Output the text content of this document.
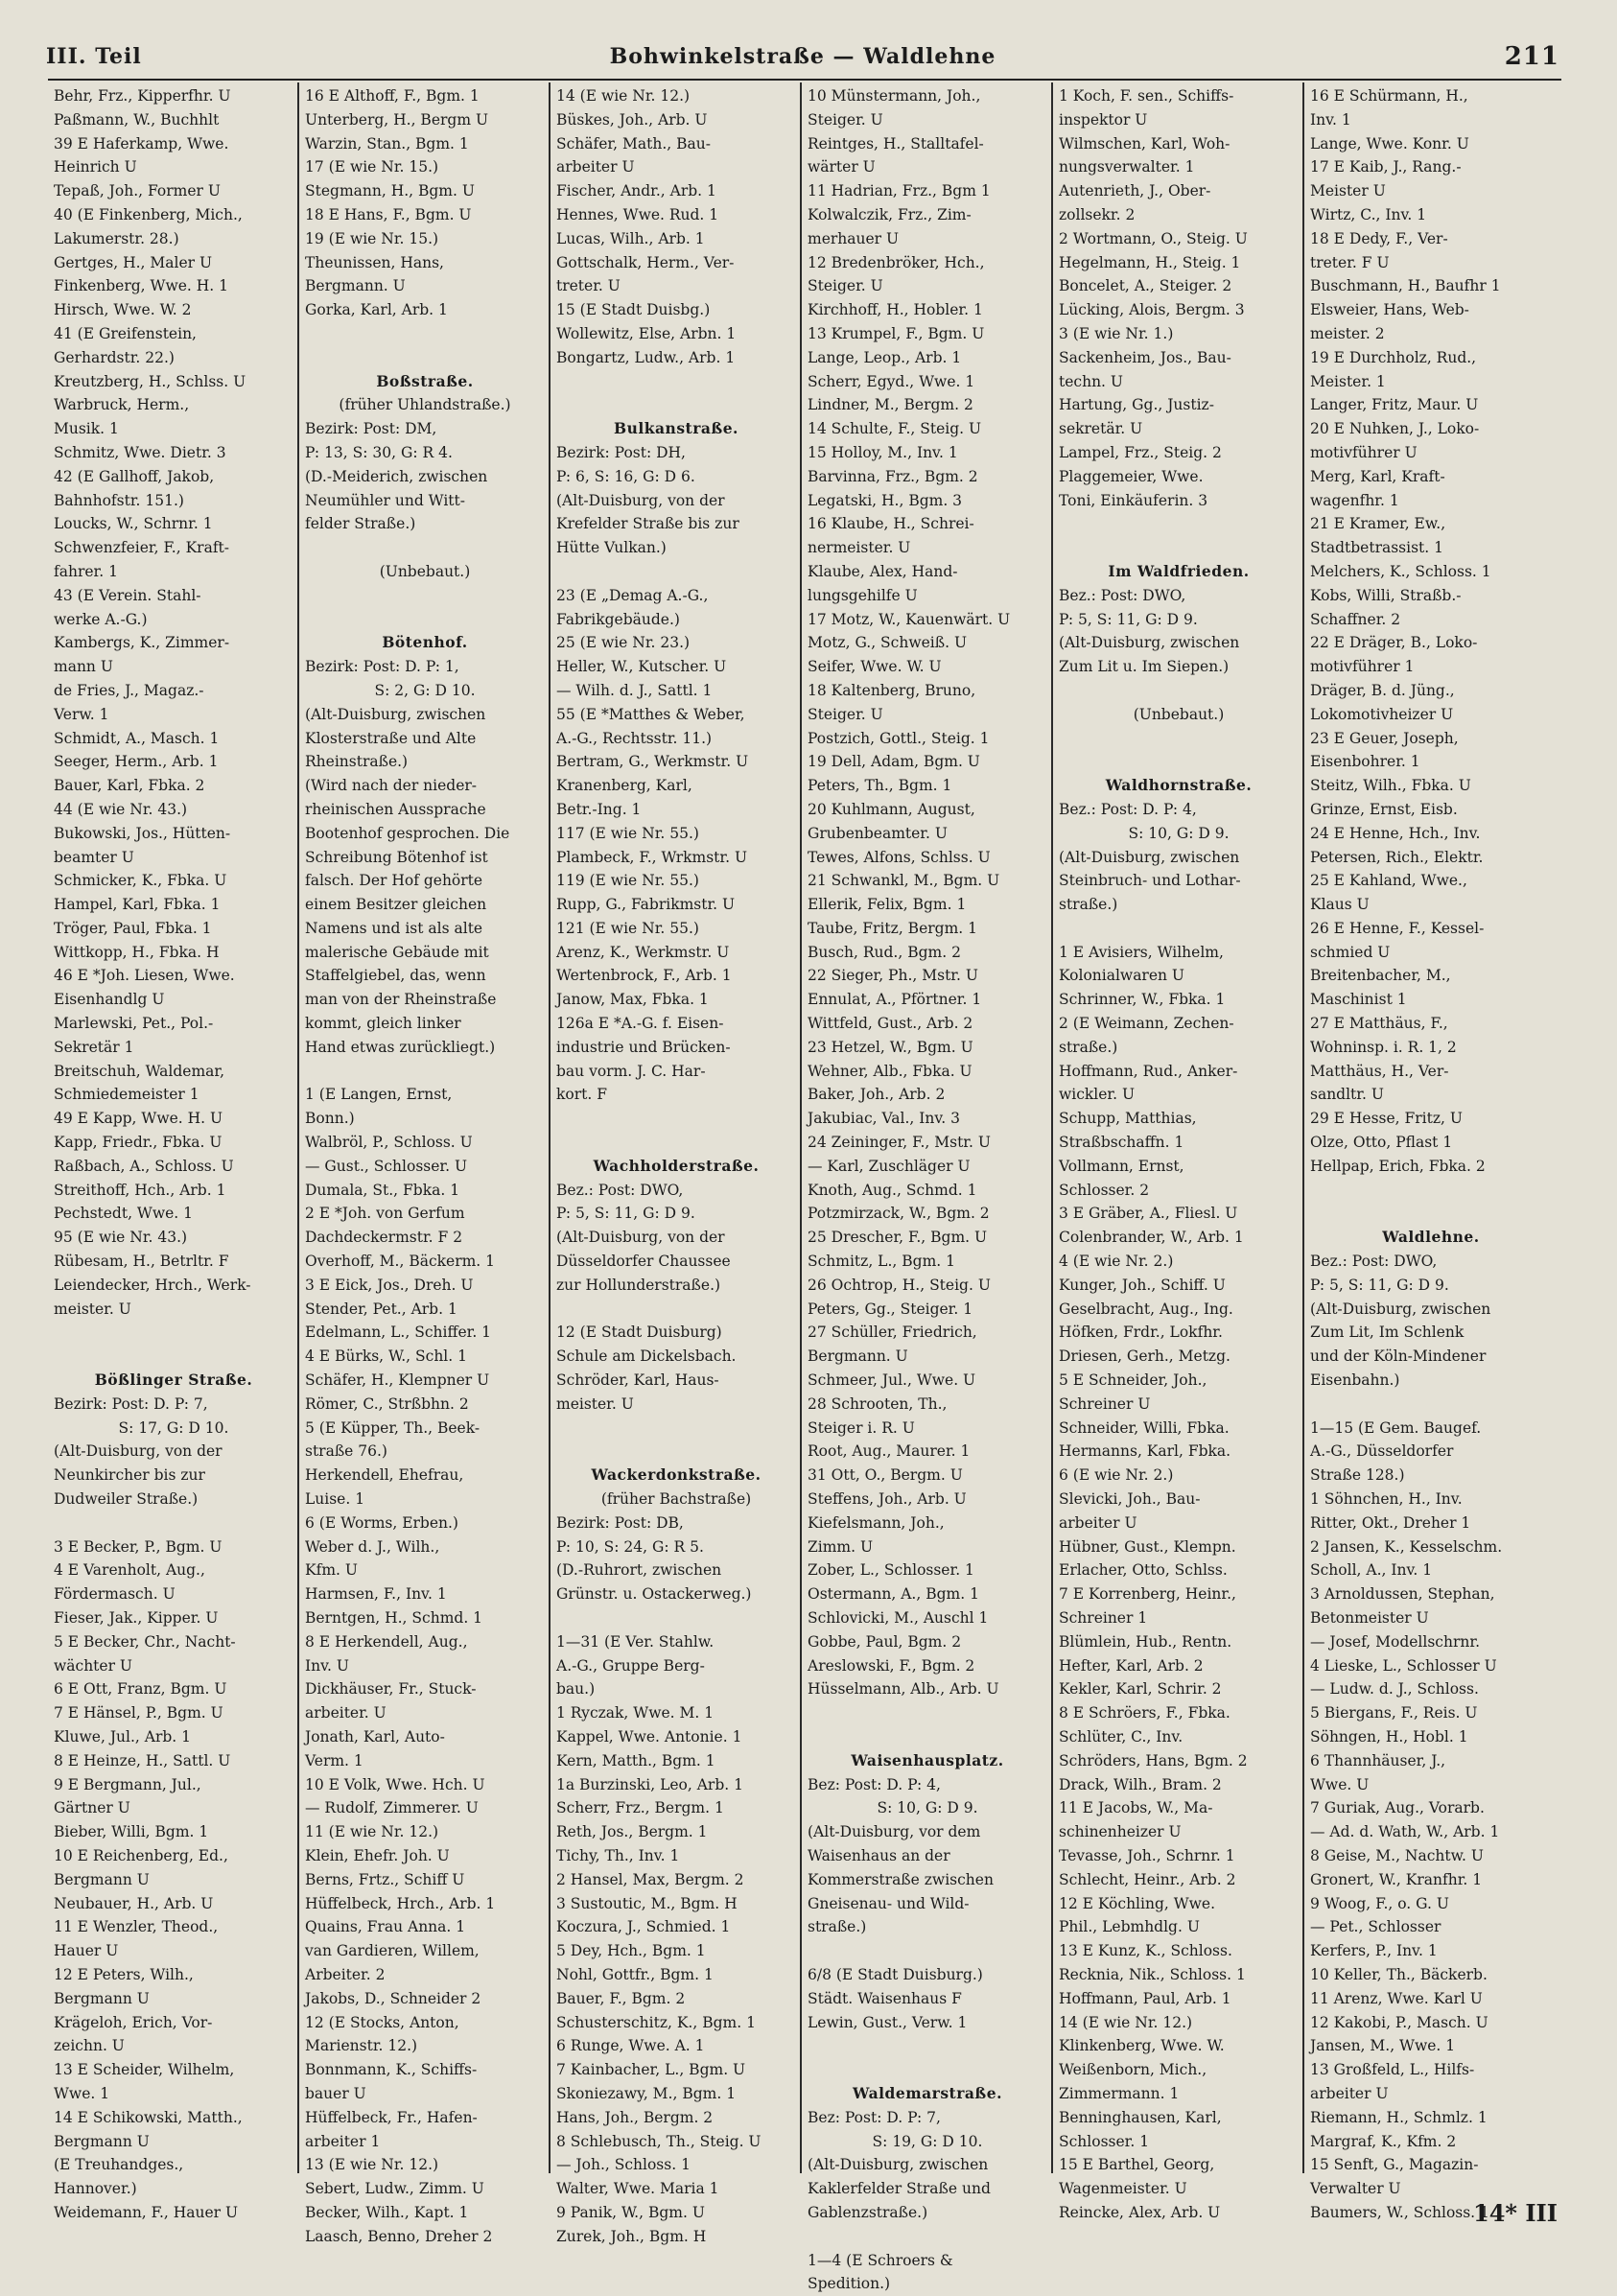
III. Teil	Bohwinkelstraße — Waldlehne	211
Behr, Frz., Kipperfhr. U
Paßmann, W., Buchhlt
39 E Haferkamp, Wwe.
Heinrich U
Tepaß, Joh., Former U
40 (E Finkenberg, Mich.,
Lakumerstr. 28.)
Gertges, H., Maler U
Finkenberg, Wwe. H. 1
Hirsch, Wwe. W. 2
41 (E Greifenstein,
Gerhardstr. 22.)
Kreutzberg, H., Schlss. U
Warbruck, Herm.,
Musik. 1
Schmitz, Wwe. Dietr. 3
42 (E Gallhoff, Jakob,
Bahnhofstr. 151.)
Loucks, W., Schrnr. 1
Schwenzfeier, F., Kraft-
fahrer. 1
43 (E Verein. Stahl-
werke A.-G.)
Kambergs, K., Zimmer-
mann U
de Fries, J., Magaz.-
Verw. 1
Schmidt, A., Masch. 1
Seeger, Herm., Arb. 1
Bauer, Karl, Fbka. 2
44 (E wie Nr. 43.)
Bukowski, Jos., Hütten-
beamter U
Schmicker, K., Fbka. U
Hampel, Karl, Fbka. 1
Tröger, Paul, Fbka. 1
Wittkopp, H., Fbka. H
46 E *Joh. Liesen, Wwe.
Eisenhandlg U
Marlewski, Pet., Pol.-
Sekretär 1
Breitschuh, Waldemar,
Schmiedemeister 1
49 E Kapp, Wwe. H. U
Kapp, Friedr., Fbka. U
Raßbach, A., Schloss. U
Streithoff, Hch., Arb. 1
Pechstedt, Wwe. 1
95 (E wie Nr. 43.)
Rübesam, H., Betrltr. F
Leiendecker, Hrch., Werk-
meister. U
Bößlinger Straße.
Bezirk: Post: D. P: 7,
S: 17, G: D 10.
(Alt-Duisburg, von der
Neunkircher bis zur
Dudweiler Straße.)
3 E Becker, P., Bgm. U
4 E Varenholt, Aug.,
Fördermasch. U
Fieser, Jak., Kipper. U
5 E Becker, Chr., Nacht-
wächter U
6 E Ott, Franz, Bgm. U
7 E Hänsel, P., Bgm. U
Kluwe, Jul., Arb. 1
8 E Heinze, H., Sattl. U
9 E Bergmann, Jul.,
Gärtner U
Bieber, Willi, Bgm. 1
10 E Reichenberg, Ed.,
Bergmann U
Neubauer, H., Arb. U
11 E Wenzler, Theod.,
Hauer U
12 E Peters, Wilh.,
Bergmann U
Krägeloh, Erich, Vor-
zeichn. U
13 E Scheider, Wilhelm,
Wwe. 1
14 E Schikowski, Matth.,
Bergmann U
(E Treuhandges.,
Hannover.)
Weidemann, F., Hauer U
16 E Althoff, F., Bgm. 1
Unterberg, H., Bergm U
Warzin, Stan., Bgm. 1
17 (E wie Nr. 15.)
Stegmann, H., Bgm. U
18 E Hans, F., Bgm. U
19 (E wie Nr. 15.)
Theunissen, Hans,
Bergmann. U
Gorka, Karl, Arb. 1
Boßstraße.
(früher Uhlandstraße.)
Bezirk: Post: DM,
P: 13, S: 30, G: R 4.
(D.-Meiderich, zwischen
Neumühler und Witt-
felder Straße.)
(Unbebaut.)
Bötenhof.
Bezirk: Post: D. P: 1,
S: 2, G: D 10.
(Alt-Duisburg, zwischen
Klosterstraße und Alte
Rheinstraße.)
(Wird nach der nieder-
rheinischen Aussprache
Bootenhof gesprochen. Die
Schreibung Bötenhof ist
falsch. Der Hof gehörte
einem Besitzer gleichen
Namens und ist als alte
malerische Gebäude mit
Staffelgiebel, das, wenn
man von der Rheinstraße
kommt, gleich linker
Hand etwas zurückliegt.)
1 (E Langen, Ernst,
Bonn.)
Walbröl, P., Schloss. U
— Gust., Schlosser. U
Dumala, St., Fbka. 1
2 E *Joh. von Gerfum
Dachdeckermstr. F 2
Overhoff, M., Bäckerm. 1
3 E Eick, Jos., Dreh. U
Stender, Pet., Arb. 1
Edelmann, L., Schiffer. 1
4 E Bürks, W., Schl. 1
Schäfer, H., Klempner U
Römer, C., Strßbhn. 2
5 (E Küpper, Th., Beek-
straße 76.)
Herkendell, Ehefrau,
Luise. 1
6 (E Worms, Erben.)
Weber d. J., Wilh.,
Kfm. U
Harmsen, F., Inv. 1
Berntgen, H., Schmd. 1
8 E Herkendell, Aug.,
Inv. U
Dickhäuser, Fr., Stuck-
arbeiter. U
Jonath, Karl, Auto-
Verm. 1
10 E Volk, Wwe. Hch. U
— Rudolf, Zimmerer. U
11 (E wie Nr. 12.)
Klein, Ehefr. Joh. U
Berns, Frtz., Schiff U
Hüffelbeck, Hrch., Arb. 1
Quains, Frau Anna. 1
van Gardieren, Willem,
Arbeiter. 2
Jakobs, D., Schneider 2
12 (E Stocks, Anton,
Marienstr. 12.)
Bonnmann, K., Schiffs-
bauer U
Hüffelbeck, Fr., Hafen-
arbeiter 1
13 (E wie Nr. 12.)
Sebert, Ludw., Zimm. U
Becker, Wilh., Kapt. 1
Laasch, Benno, Dreher 2
14 (E wie Nr. 12.)
Büskes, Joh., Arb. U
Schäfer, Math., Bau-
arbeiter U
Fischer, Andr., Arb. 1
Hennes, Wwe. Rud. 1
Lucas, Wilh., Arb. 1
Gottschalk, Herm., Ver-
treter. U
15 (E Stadt Duisbg.)
Wollewitz, Else, Arbn. 1
Bongartz, Ludw., Arb. 1
Bulkanstraße.
Bezirk: Post: DH,
P: 6, S: 16, G: D 6.
(Alt-Duisburg, von der
Krefelder Straße bis zur
Hütte Vulkan.)
23 (E „Demag A.-G.,
Fabrikgebäude.)
25 (E wie Nr. 23.)
Heller, W., Kutscher. U
— Wilh. d. J., Sattl. 1
55 (E *Matthes & Weber,
A.-G., Rechtsstr. 11.)
Bertram, G., Werkmstr. U
Kranenberg, Karl,
Betr.-Ing. 1
117 (E wie Nr. 55.)
Plambeck, F., Wrkmstr. U
119 (E wie Nr. 55.)
Rupp, G., Fabrikmstr. U
121 (E wie Nr. 55.)
Arenz, K., Werkmstr. U
Wertenbrock, F., Arb. 1
Janow, Max, Fbka. 1
126a E *A.-G. f. Eisen-
industrie und Brücken-
bau vorm. J. C. Har-
kort. F
Wachholderstraße.
Bez.: Post: DWO,
P: 5, S: 11, G: D 9.
(Alt-Duisburg, von der
Düsseldorfer Chaussee
zur Hollunderstraße.)
12 (E Stadt Duisburg)
Schule am Dickelsbach.
Schröder, Karl, Haus-
meister. U
Wackerdonkstraße.
(früher Bachstraße)
Bezirk: Post: DB,
P: 10, S: 24, G: R 5.
(D.-Ruhrort, zwischen
Grünstr. u. Ostackerweg.)
1—31 (E Ver. Stahlw.
A.-G., Gruppe Berg-
bau.)
1 Ryczak, Wwe. M. 1
Kappel, Wwe. Antonie. 1
Kern, Matth., Bgm. 1
1a Burzinski, Leo, Arb. 1
Scherr, Frz., Bergm. 1
Reth, Jos., Bergm. 1
Tichy, Th., Inv. 1
2 Hansel, Max, Bergm. 2
3 Sustoutic, M., Bgm. H
Koczura, J., Schmied. 1
5 Dey, Hch., Bgm. 1
Nohl, Gottfr., Bgm. 1
Bauer, F., Bgm. 2
Schusterschitz, K., Bgm. 1
6 Runge, Wwe. A. 1
7 Kainbacher, L., Bgm. U
Skoniezawy, M., Bgm. 1
Hans, Joh., Bergm. 2
8 Schlebusch, Th., Steig. U
— Joh., Schloss. 1
Walter, Wwe. Maria 1
9 Panik, W., Bgm. U
Zurek, Joh., Bgm. H
10 Münstermann, Joh.,
Steiger. U
Reintges, H., Stalltafel-
wärter U
11 Hadrian, Frz., Bgm 1
Kolwalczik, Frz., Zim-
merhauer U
12 Bredenbröker, Hch.,
Steiger. U
Kirchhoff, H., Hobler. 1
13 Krumpel, F., Bgm. U
Lange, Leop., Arb. 1
Scherr, Egyd., Wwe. 1
Lindner, M., Bergm. 2
14 Schulte, F., Steig. U
15 Holloy, M., Inv. 1
Barvinna, Frz., Bgm. 2
Legatski, H., Bgm. 3
16 Klaube, H., Schrei-
nermeister. U
Klaube, Alex, Hand-
lungsgehilfe U
17 Motz, W., Kauenwärt. U
Motz, G., Schweiß. U
Seifer, Wwe. W. U
18 Kaltenberg, Bruno,
Steiger. U
Postzich, Gottl., Steig. 1
19 Dell, Adam, Bgm. U
Peters, Th., Bgm. 1
20 Kuhlmann, August,
Grubenbeamter. U
Tewes, Alfons, Schlss. U
21 Schwankl, M., Bgm. U
Ellerik, Felix, Bgm. 1
Taube, Fritz, Bergm. 1
Busch, Rud., Bgm. 2
22 Sieger, Ph., Mstr. U
Ennulat, A., Pförtner. 1
Wittfeld, Gust., Arb. 2
23 Hetzel, W., Bgm. U
Wehner, Alb., Fbka. U
Baker, Joh., Arb. 2
Jakubiac, Val., Inv. 3
24 Zeininger, F., Mstr. U
— Karl, Zuschläger U
Knoth, Aug., Schmd. 1
Potzmirzack, W., Bgm. 2
25 Drescher, F., Bgm. U
Schmitz, L., Bgm. 1
26 Ochtrop, H., Steig. U
Peters, Gg., Steiger. 1
27 Schüller, Friedrich,
Bergmann. U
Schmeer, Jul., Wwe. U
28 Schrooten, Th.,
Steiger i. R. U
Root, Aug., Maurer. 1
31 Ott, O., Bergm. U
Steffens, Joh., Arb. U
Kiefelsmann, Joh.,
Zimm. U
Zober, L., Schlosser. 1
Ostermann, A., Bgm. 1
Schlovicki, M., Auschl 1
Gobbe, Paul, Bgm. 2
Areslowski, F., Bgm. 2
Hüsselmann, Alb., Arb. U
Waisenhausplatz.
Bez: Post: D. P: 4,
S: 10, G: D 9.
(Alt-Duisburg, vor dem
Waisenhaus an der
Kommerstraße zwischen
Gneisenau- und Wild-
straße.)
6/8 (E Stadt Duisburg.)
Städt. Waisenhaus F
Lewin, Gust., Verw. 1
Waldemarstraße.
Bez: Post: D. P: 7,
S: 19, G: D 10.
(Alt-Duisburg, zwischen
Kaklerfelder Straße und
Gablenzstraße.)
1—4 (E Schroers &
Spedition.)
1 Koch, F. sen., Schiffs-
inspektor U
Wilmschen, Karl, Woh-
nungsverwalter. 1
Autenrieth, J., Ober-
zollsekr. 2
2 Wortmann, O., Steig. U
Hegelmann, H., Steig. 1
Boncelet, A., Steiger. 2
Lücking, Alois, Bergm. 3
3 (E wie Nr. 1.)
Sackenheim, Jos., Bau-
techn. U
Hartung, Gg., Justiz-
sekretär. U
Lampel, Frz., Steig. 2
Plaggemeier, Wwe.
Toni, Einkäuferin. 3
Im Waldfrieden.
Bez.: Post: DWO,
P: 5, S: 11, G: D 9.
(Alt-Duisburg, zwischen
Zum Lit u. Im Siepen.)
(Unbebaut.)
Waldhornstraße.
Bez.: Post: D. P: 4,
S: 10, G: D 9.
(Alt-Duisburg, zwischen
Steinbruch- und Lothar-
straße.)
1 E Avisiers, Wilhelm,
Kolonialwaren U
Schrinner, W., Fbka. 1
2 (E Weimann, Zechen-
straße.)
Hoffmann, Rud., Anker-
wickler. U
Schupp, Matthias,
Straßbschaffn. 1
Vollmann, Ernst,
Schlosser. 2
3 E Gräber, A., Fliesl. U
Colenbrander, W., Arb. 1
4 (E wie Nr. 2.)
Kunger, Joh., Schiff. U
Geselbracht, Aug., Ing.
Höfken, Frdr., Lokfhr.
Driesen, Gerh., Metzg.
5 E Schneider, Joh.,
Schreiner U
Schneider, Willi, Fbka.
Hermanns, Karl, Fbka.
6 (E wie Nr. 2.)
Slevicki, Joh., Bau-
arbeiter U
Hübner, Gust., Klempn.
Erlacher, Otto, Schlss.
7 E Korrenberg, Heinr.,
Schreiner 1
Blümlein, Hub., Rentn.
Hefter, Karl, Arb. 2
Kekler, Karl, Schrir. 2
8 E Schröers, F., Fbka.
Schlüter, C., Inv.
Schröders, Hans, Bgm. 2
Drack, Wilh., Bram. 2
11 E Jacobs, W., Ma-
schinenheizer U
Tevasse, Joh., Schrnr. 1
Schlecht, Heinr., Arb. 2
12 E Köchling, Wwe.
Phil., Lebmhdlg. U
13 E Kunz, K., Schloss.
Recknia, Nik., Schloss. 1
Hoffmann, Paul, Arb. 1
14 (E wie Nr. 12.)
Klinkenberg, Wwe. W.
Weißenborn, Mich.,
Zimmermann. 1
Benninghausen, Karl,
Schlosser. 1
15 E Barthel, Georg,
Wagenmeister. U
Reincke, Alex, Arb. U
16 E Schürmann, H.,
Inv. 1
Lange, Wwe. Konr. U
17 E Kaib, J., Rang.-
Meister U
Wirtz, C., Inv. 1
18 E Dedy, F., Ver-
treter. F U
Buschmann, H., Baufhr 1
Elsweier, Hans, Web-
meister. 2
19 E Durchholz, Rud.,
Meister. 1
Langer, Fritz, Maur. U
20 E Nuhken, J., Loko-
motivführer U
Merg, Karl, Kraft-
wagenfhr. 1
21 E Kramer, Ew.,
Stadtbetrassist. 1
Melchers, K., Schloss. 1
Kobs, Willi, Straßb.-
Schaffner. 2
22 E Dräger, B., Loko-
motivführer 1
Dräger, B. d. Jüng.,
Lokomotivheizer U
23 E Geuer, Joseph,
Eisenbohrer. 1
Steitz, Wilh., Fbka. U
Grinze, Ernst, Eisb.
24 E Henne, Hch., Inv.
Petersen, Rich., Elektr.
25 E Kahland, Wwe.,
Klaus U
26 E Henne, F., Kessel-
schmied U
Breitenbacher, M.,
Maschinist 1
27 E Matthäus, F.,
Wohninsp. i. R. 1, 2
Matthäus, H., Ver-
sandltr. U
29 E Hesse, Fritz, U
Olze, Otto, Pflast 1
Hellpap, Erich, Fbka. 2
Waldlehne.
Bez.: Post: DWO,
P: 5, S: 11, G: D 9.
(Alt-Duisburg, zwischen
Zum Lit, Im Schlenk
und der Köln-Mindener
Eisenbahn.)
1—15 (E Gem. Baugef.
A.-G., Düsseldorfer
Straße 128.)
1 Söhnchen, H., Inv.
Ritter, Okt., Dreher 1
2 Jansen, K., Kesselschm.
Scholl, A., Inv. 1
3 Arnoldussen, Stephan,
Betonmeister U
— Josef, Modellschrnr.
4 Lieske, L., Schlosser U
— Ludw. d. J., Schloss.
5 Biergans, F., Reis. U
Söhngen, H., Hobl. 1
6 Thannhäuser, J.,
Wwe. U
7 Guriak, Aug., Vorarb.
— Ad. d. Wath, W., Arb. 1
8 Geise, M., Nachtw. U
Gronert, W., Kranfhr. 1
9 Woog, F., o. G. U
— Pet., Schlosser
Kerfers, P., Inv. 1
10 Keller, Th., Bäckerb.
11 Arenz, Wwe. Karl U
12 Kakobi, P., Masch. U
Jansen, M., Wwe. 1
13 Großfeld, L., Hilfs-
arbeiter U
Riemann, H., Schmlz. 1
Margraf, K., Kfm. 2
15 Senft, G., Magazin-
Verwalter U
Baumers, W., Schloss. 1
14* III
